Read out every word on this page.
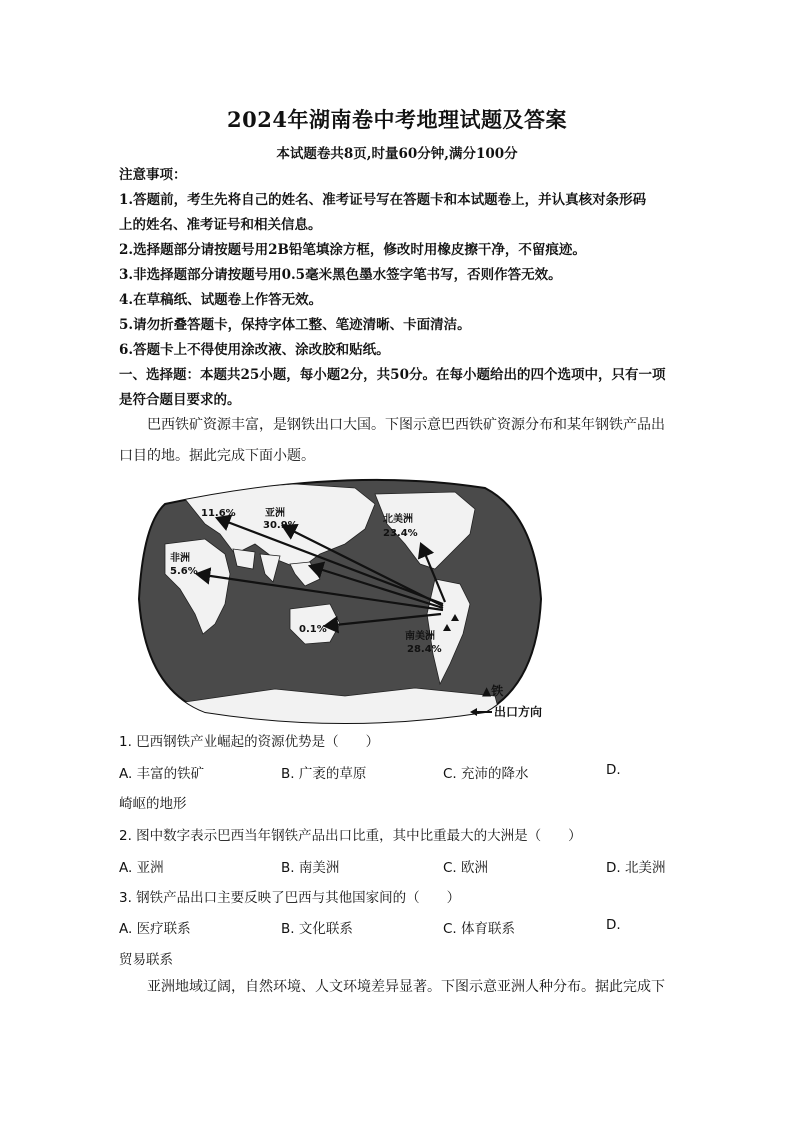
2024年湖南卷中考地理试题及答案
本试题卷共8页,时量60分钟,满分100分

注意事项：

1.答题前，考生先将自己的姓名、准考证号写在答题卡和本试题卷上，并认真核对条形码

上的姓名、准考证号和相关信息。

2.选择题部分请按题号用2B铅笔填涂方框，修改时用橡皮擦干净，不留痕迹。

3.非选择题部分请按题号用0.5毫米黑色墨水签字笔书写，否则作答无效。

4.在草稿纸、试题卷上作答无效。

5.请勿折叠答题卡，保持字体工整、笔迹清晰、卡面清洁。

6.答题卡上不得使用涂改液、涂改胶和贴纸。

一、选择题：本题共25小题，每小题2分，共50分。在每小题给出的四个选项中，只有一项

是符合题目要求的。

巴西铁矿资源丰富，是钢铁出口大国。下图示意巴西铁矿资源分布和某年钢铁产品出

口目的地。据此完成下面小题。

11.6%	亚洲
30.9%
北美洲
23.4%
非洲
5.6%
0.1%
南美洲
28.4%
▲铁
出口方向
1. 巴西钢铁产业崛起的资源优势是（　　）
A. 丰富的铁矿	B. 广袤的草原	C. 充沛的降水	D.
崎岖的地形
2. 图中数字表示巴西当年钢铁产品出口比重，其中比重最大的大洲是（　　）
A. 亚洲	B. 南美洲	C. 欧洲	D. 北美洲
3. 钢铁产品出口主要反映了巴西与其他国家间的（　　）
A. 医疗联系	B. 文化联系	C. 体育联系	D.
贸易联系

亚洲地域辽阔，自然环境、人文环境差异显著。下图示意亚洲人种分布。据此完成下
